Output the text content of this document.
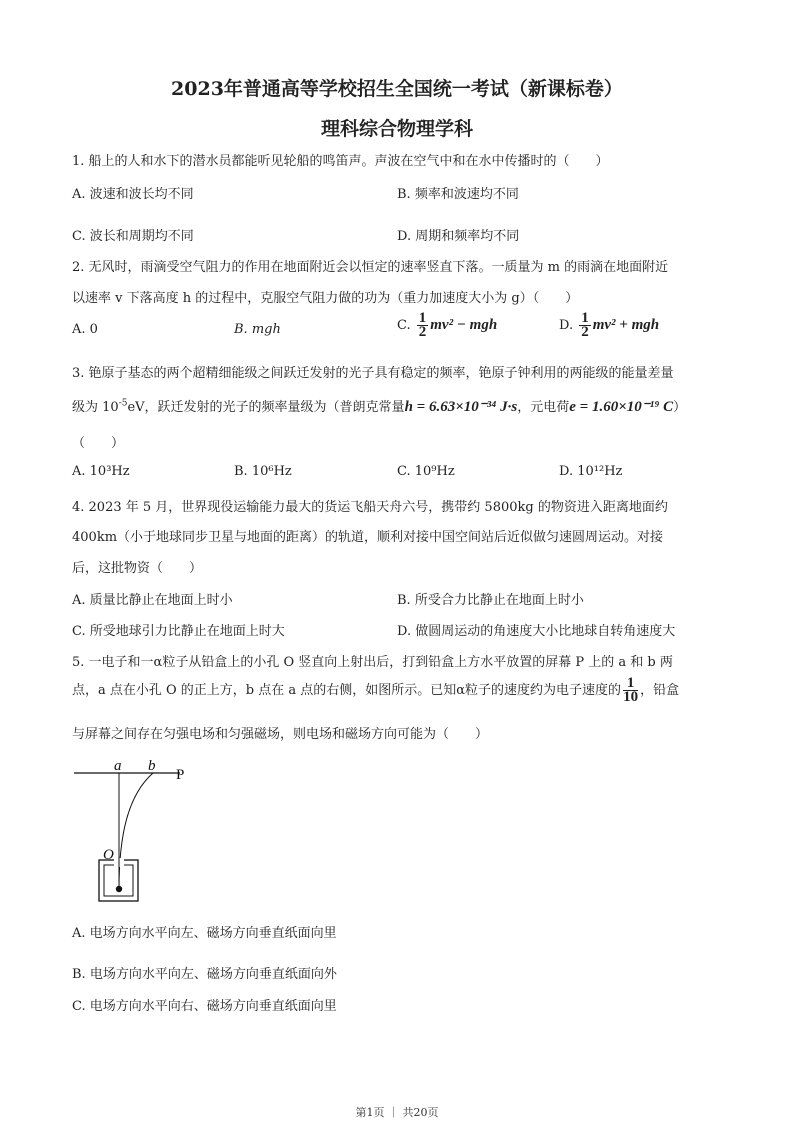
2023年普通高等学校招生全国统一考试（新课标卷）
理科综合物理学科
1. 船上的人和水下的潜水员都能听见轮船的鸣笛声。声波在空气中和在水中传播时的（　　）
A. 波速和波长均不同	B. 频率和波速均不同
C. 波长和周期均不同	D. 周期和频率均不同
2. 无风时，雨滴受空气阻力的作用在地面附近会以恒定的速率竖直下落。一质量为 m 的雨滴在地面附近
以速率 v 下落高度 h 的过程中，克服空气阻力做的功为（重力加速度大小为 g）（　　）
A. 0	B. mgh	C. $\frac{1}{2} mv^2$ − mgh	D. $\frac{1}{2} mv^2$ + mgh
3. 铯原子基态的两个超精细能级之间跃迁发射的光子具有稳定的频率，铯原子钟利用的两能级的能量差量
级为 $10^{-5}eV$，跃迁发射的光子的频率量级为（普朗克常量h = 6.63×10⁻³⁴ J·s，元电荷e = 1.60×10⁻¹⁹ C）
（　　）
A. 10³Hz	B. 10⁶Hz	C. 10⁹Hz	D. 10¹²Hz
4. 2023 年 5 月，世界现役运输能力最大的货运飞船天舟六号，携带约 5800kg 的物资进入距离地面约
400km（小于地球同步卫星与地面的距离）的轨道，顺利对接中国空间站后近似做匀速圆周运动。对接
后，这批物资（　　）
A. 质量比静止在地面上时小	B. 所受合力比静止在地面上时小
C. 所受地球引力比静止在地面上时大	D. 做圆周运动的角速度大小比地球自转角速度大
5. 一电子和一α粒子从铅盒上的小孔 O 竖直向上射出后，打到铅盒上方水平放置的屏幕 P 上的 a 和 b 两
点，a 点在小孔 O 的正上方，b 点在 a 点的右侧，如图所示。已知α粒子的速度约为电子速度的 $\frac{1}{10}$ ，铅盒
与屏幕之间存在匀强电场和匀强磁场，则电场和磁场方向可能为（　　）
a b
P
O
A. 电场方向水平向左、磁场方向垂直纸面向里
B. 电场方向水平向左、磁场方向垂直纸面向外
C. 电场方向水平向右、磁场方向垂直纸面向里
第1页 ｜ 共20页
